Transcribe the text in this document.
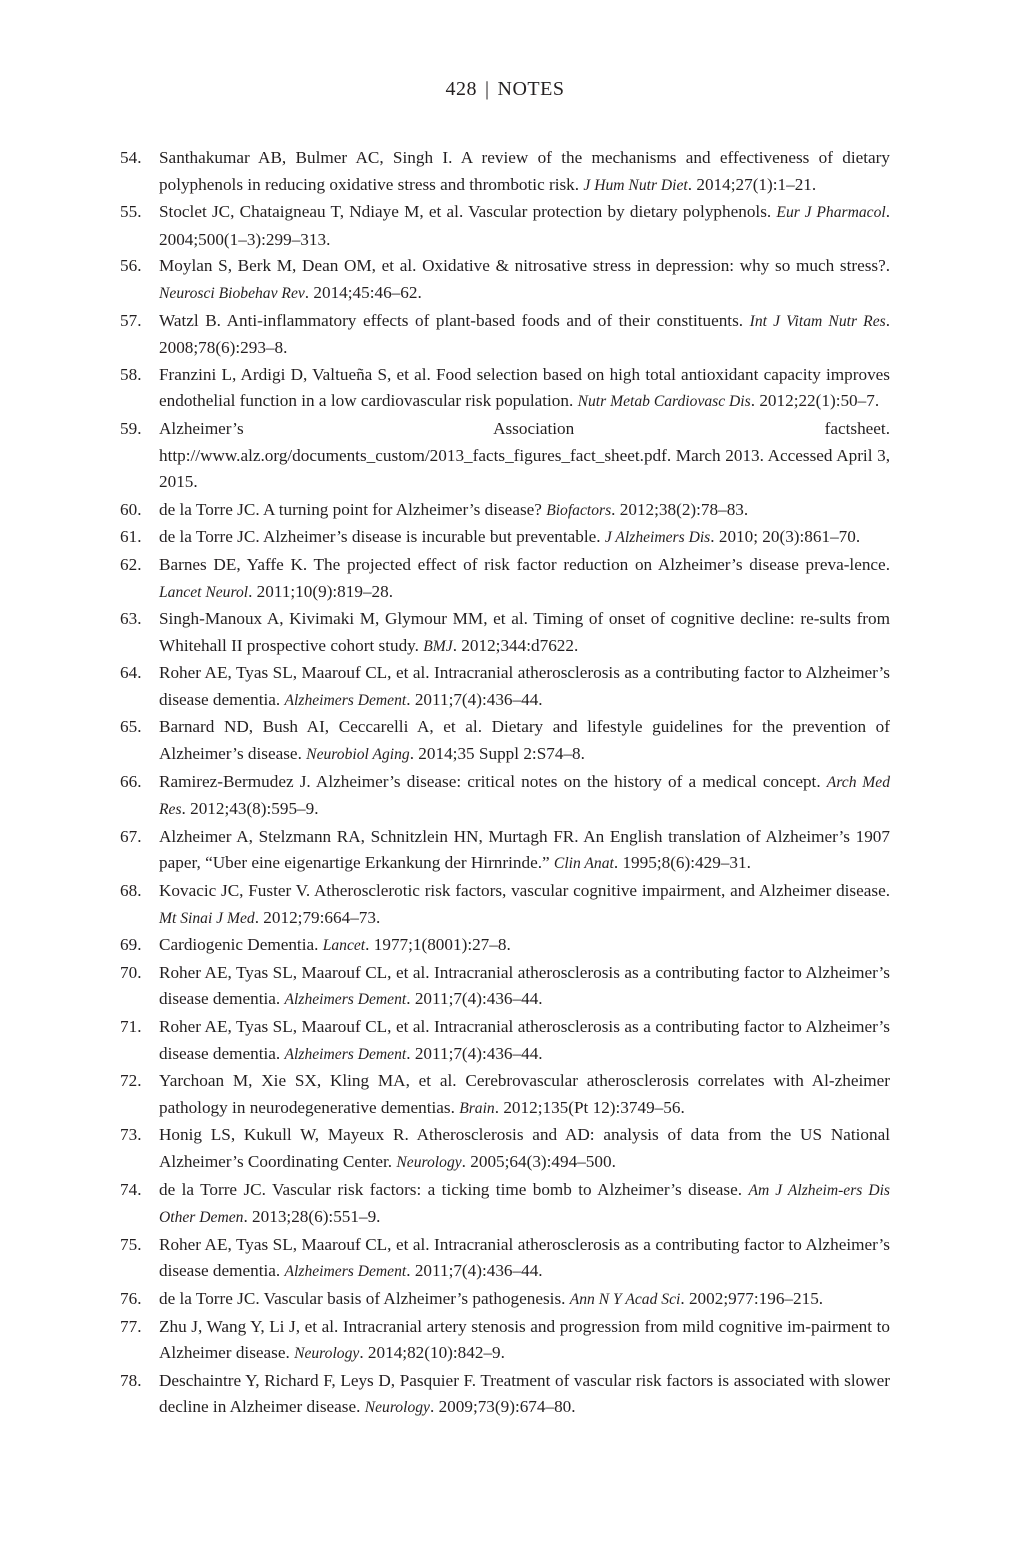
428 | NOTES
54. Santhakumar AB, Bulmer AC, Singh I. A review of the mechanisms and effectiveness of dietary polyphenols in reducing oxidative stress and thrombotic risk. J Hum Nutr Diet. 2014;27(1):1–21.
55. Stoclet JC, Chataigneau T, Ndiaye M, et al. Vascular protection by dietary polyphenols. Eur J Pharmacol. 2004;500(1–3):299–313.
56. Moylan S, Berk M, Dean OM, et al. Oxidative & nitrosative stress in depression: why so much stress?. Neurosci Biobehav Rev. 2014;45:46–62.
57. Watzl B. Anti-inflammatory effects of plant-based foods and of their constituents. Int J Vitam Nutr Res. 2008;78(6):293–8.
58. Franzini L, Ardigi D, Valtueña S, et al. Food selection based on high total antioxidant capacity improves endothelial function in a low cardiovascular risk population. Nutr Metab Cardiovasc Dis. 2012;22(1):50–7.
59. Alzheimer’s Association factsheet. http://www.alz.org/documents_custom/2013_facts_figures_fact_sheet.pdf. March 2013. Accessed April 3, 2015.
60. de la Torre JC. A turning point for Alzheimer’s disease? Biofactors. 2012;38(2):78–83.
61. de la Torre JC. Alzheimer’s disease is incurable but preventable. J Alzheimers Dis. 2010; 20(3):861–70.
62. Barnes DE, Yaffe K. The projected effect of risk factor reduction on Alzheimer’s disease preva-lence. Lancet Neurol. 2011;10(9):819–28.
63. Singh-Manoux A, Kivimaki M, Glymour MM, et al. Timing of onset of cognitive decline: re-sults from Whitehall II prospective cohort study. BMJ. 2012;344:d7622.
64. Roher AE, Tyas SL, Maarouf CL, et al. Intracranial atherosclerosis as a contributing factor to Alzheimer’s disease dementia. Alzheimers Dement. 2011;7(4):436–44.
65. Barnard ND, Bush AI, Ceccarelli A, et al. Dietary and lifestyle guidelines for the prevention of Alzheimer’s disease. Neurobiol Aging. 2014;35 Suppl 2:S74–8.
66. Ramirez-Bermudez J. Alzheimer’s disease: critical notes on the history of a medical concept. Arch Med Res. 2012;43(8):595–9.
67. Alzheimer A, Stelzmann RA, Schnitzlein HN, Murtagh FR. An English translation of Alzheimer’s 1907 paper, “Uber eine eigenartige Erkankung der Hirnrinde.” Clin Anat. 1995;8(6):429–31.
68. Kovacic JC, Fuster V. Atherosclerotic risk factors, vascular cognitive impairment, and Alzheimer disease. Mt Sinai J Med. 2012;79:664–73.
69. Cardiogenic Dementia. Lancet. 1977;1(8001):27–8.
70. Roher AE, Tyas SL, Maarouf CL, et al. Intracranial atherosclerosis as a contributing factor to Alzheimer’s disease dementia. Alzheimers Dement. 2011;7(4):436–44.
71. Roher AE, Tyas SL, Maarouf CL, et al. Intracranial atherosclerosis as a contributing factor to Alzheimer’s disease dementia. Alzheimers Dement. 2011;7(4):436–44.
72. Yarchoan M, Xie SX, Kling MA, et al. Cerebrovascular atherosclerosis correlates with Al-zheimer pathology in neurodegenerative dementias. Brain. 2012;135(Pt 12):3749–56.
73. Honig LS, Kukull W, Mayeux R. Atherosclerosis and AD: analysis of data from the US National Alzheimer’s Coordinating Center. Neurology. 2005;64(3):494–500.
74. de la Torre JC. Vascular risk factors: a ticking time bomb to Alzheimer’s disease. Am J Alzheim-ers Dis Other Demen. 2013;28(6):551–9.
75. Roher AE, Tyas SL, Maarouf CL, et al. Intracranial atherosclerosis as a contributing factor to Alzheimer’s disease dementia. Alzheimers Dement. 2011;7(4):436–44.
76. de la Torre JC. Vascular basis of Alzheimer’s pathogenesis. Ann N Y Acad Sci. 2002;977:196–215.
77. Zhu J, Wang Y, Li J, et al. Intracranial artery stenosis and progression from mild cognitive im-pairment to Alzheimer disease. Neurology. 2014;82(10):842–9.
78. Deschaintre Y, Richard F, Leys D, Pasquier F. Treatment of vascular risk factors is associated with slower decline in Alzheimer disease. Neurology. 2009;73(9):674–80.
